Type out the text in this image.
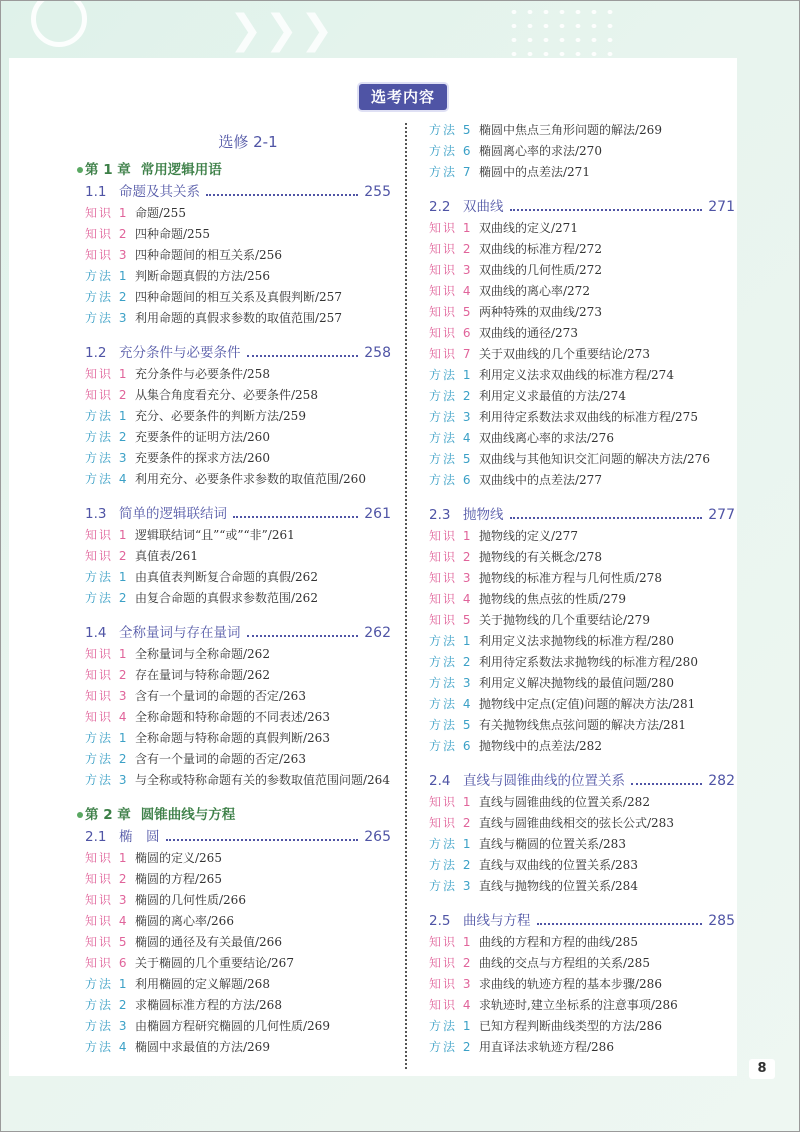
❯❯❯
选考内容
选修 2-1
第 1 章 常用逻辑用语
1.1 命题及其关系	255
知识 1 命题/255
知识 2 四种命题/255
知识 3 四种命题间的相互关系/256
方法 1 判断命题真假的方法/256
方法 2 四种命题间的相互关系及真假判断/257
方法 3 利用命题的真假求参数的取值范围/257
1.2 充分条件与必要条件	258
知识 1 充分条件与必要条件/258
知识 2 从集合角度看充分、必要条件/258
方法 1 充分、必要条件的判断方法/259
方法 2 充要条件的证明方法/260
方法 3 充要条件的探求方法/260
方法 4 利用充分、必要条件求参数的取值范围/260
1.3 简单的逻辑联结词	261
知识 1 逻辑联结词“且”“或”“非”/261
知识 2 真值表/261
方法 1 由真值表判断复合命题的真假/262
方法 2 由复合命题的真假求参数范围/262
1.4 全称量词与存在量词	262
知识 1 全称量词与全称命题/262
知识 2 存在量词与特称命题/262
知识 3 含有一个量词的命题的否定/263
知识 4 全称命题和特称命题的不同表述/263
方法 1 全称命题与特称命题的真假判断/263
方法 2 含有一个量词的命题的否定/263
方法 3 与全称或特称命题有关的参数取值范围问题/264
第 2 章 圆锥曲线与方程
2.1 椭　圆	265
知识 1 椭圆的定义/265
知识 2 椭圆的方程/265
知识 3 椭圆的几何性质/266
知识 4 椭圆的离心率/266
知识 5 椭圆的通径及有关最值/266
知识 6 关于椭圆的几个重要结论/267
方法 1 利用椭圆的定义解题/268
方法 2 求椭圆标准方程的方法/268
方法 3 由椭圆方程研究椭圆的几何性质/269
方法 4 椭圆中求最值的方法/269
方法 5 椭圆中焦点三角形问题的解法/269
方法 6 椭圆离心率的求法/270
方法 7 椭圆中的点差法/271
2.2 双曲线	271
知识 1 双曲线的定义/271
知识 2 双曲线的标准方程/272
知识 3 双曲线的几何性质/272
知识 4 双曲线的离心率/272
知识 5 两种特殊的双曲线/273
知识 6 双曲线的通径/273
知识 7 关于双曲线的几个重要结论/273
方法 1 利用定义法求双曲线的标准方程/274
方法 2 利用定义求最值的方法/274
方法 3 利用待定系数法求双曲线的标准方程/275
方法 4 双曲线离心率的求法/276
方法 5 双曲线与其他知识交汇问题的解决方法/276
方法 6 双曲线中的点差法/277
2.3 抛物线	277
知识 1 抛物线的定义/277
知识 2 抛物线的有关概念/278
知识 3 抛物线的标准方程与几何性质/278
知识 4 抛物线的焦点弦的性质/279
知识 5 关于抛物线的几个重要结论/279
方法 1 利用定义法求抛物线的标准方程/280
方法 2 利用待定系数法求抛物线的标准方程/280
方法 3 利用定义解决抛物线的最值问题/280
方法 4 抛物线中定点(定值)问题的解决方法/281
方法 5 有关抛物线焦点弦问题的解决方法/281
方法 6 抛物线中的点差法/282
2.4 直线与圆锥曲线的位置关系	282
知识 1 直线与圆锥曲线的位置关系/282
知识 2 直线与圆锥曲线相交的弦长公式/283
方法 1 直线与椭圆的位置关系/283
方法 2 直线与双曲线的位置关系/283
方法 3 直线与抛物线的位置关系/284
2.5 曲线与方程	285
知识 1 曲线的方程和方程的曲线/285
知识 2 曲线的交点与方程组的关系/285
知识 3 求曲线的轨迹方程的基本步骤/286
知识 4 求轨迹时,建立坐标系的注意事项/286
方法 1 已知方程判断曲线类型的方法/286
方法 2 用直译法求轨迹方程/286
8
